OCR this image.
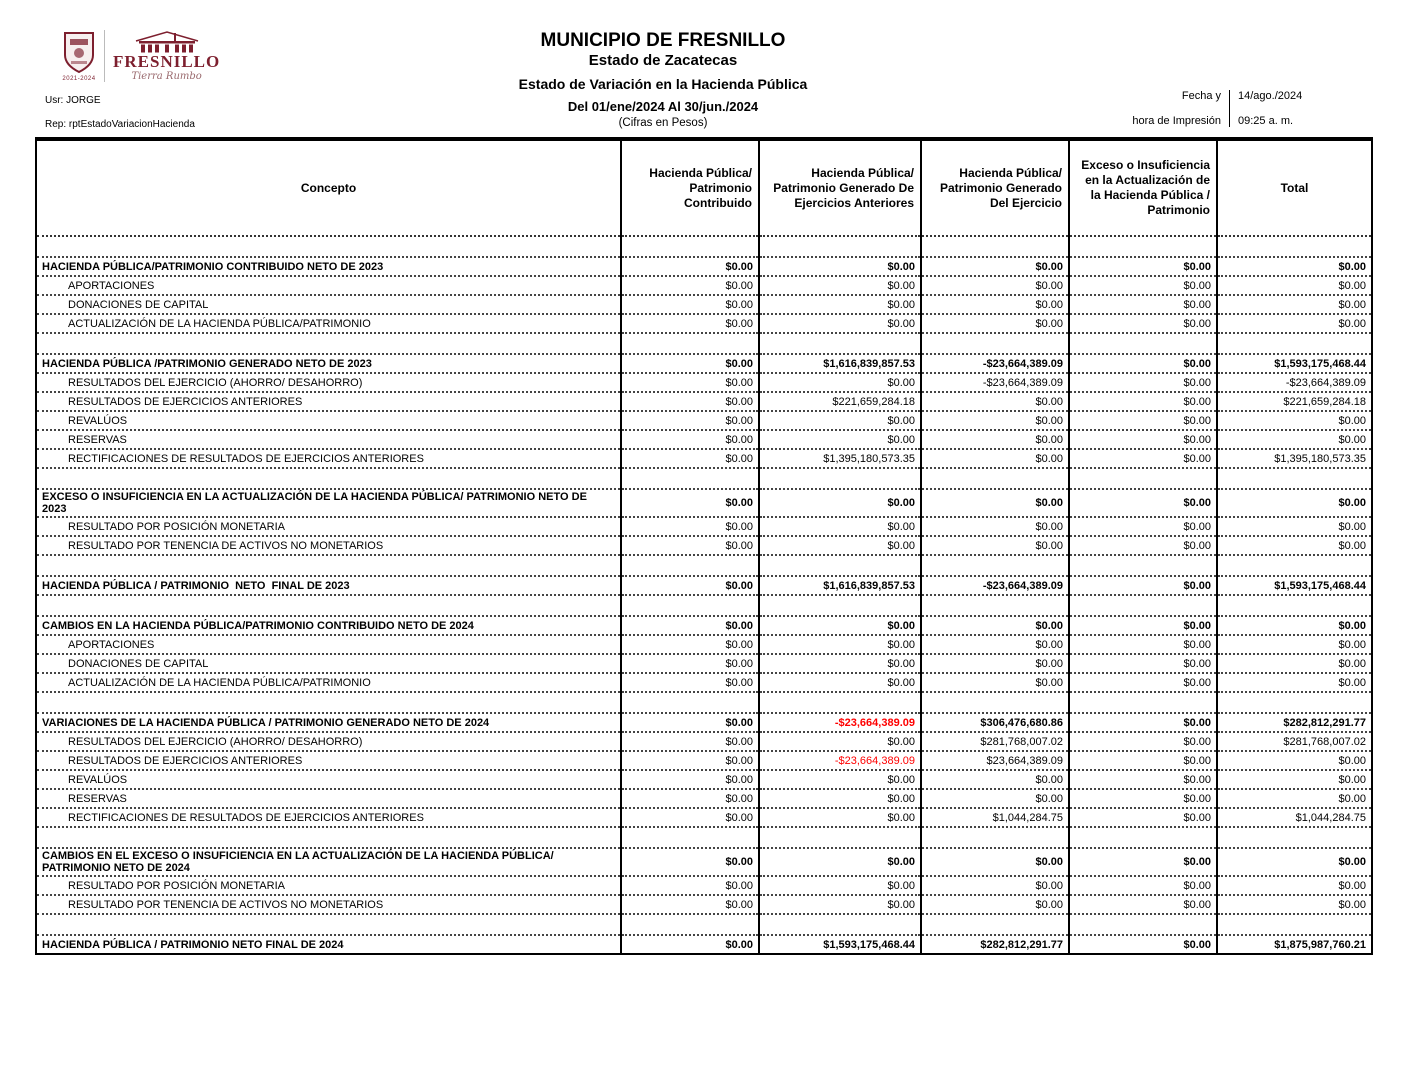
2021-2024
FRESNILLO
Tierra Rumbo
Usr: JORGE
Rep: rptEstadoVariacionHacienda
MUNICIPIO DE FRESNILLO
Estado de Zacatecas
Estado de Variación en la Hacienda Pública
Del 01/ene/2024 Al 30/jun./2024
(Cifras en Pesos)
Fecha y
hora de Impresión
14/ago./2024
09:25 a. m.
Concepto	Hacienda Pública/ Patrimonio Contribuido	Hacienda Pública/ Patrimonio Generado De Ejercicios Anteriores	Hacienda Pública/ Patrimonio Generado Del Ejercicio	Exceso o Insuficiencia en la Actualización de la Hacienda Pública / Patrimonio	Total

HACIENDA PÚBLICA/PATRIMONIO CONTRIBUIDO NETO DE 2023	$0.00	$0.00	$0.00	$0.00	$0.00

APORTACIONES	$0.00	$0.00	$0.00	$0.00	$0.00

DONACIONES DE CAPITAL	$0.00	$0.00	$0.00	$0.00	$0.00

ACTUALIZACIÓN DE LA HACIENDA PÚBLICA/PATRIMONIO	$0.00	$0.00	$0.00	$0.00	$0.00

HACIENDA PÚBLICA /PATRIMONIO GENERADO NETO DE 2023	$0.00	$1,616,839,857.53	-$23,664,389.09	$0.00	$1,593,175,468.44

RESULTADOS DEL EJERCICIO (AHORRO/ DESAHORRO)	$0.00	$0.00	-$23,664,389.09	$0.00	-$23,664,389.09

RESULTADOS DE EJERCICIOS ANTERIORES	$0.00	$221,659,284.18	$0.00	$0.00	$221,659,284.18

REVALÚOS	$0.00	$0.00	$0.00	$0.00	$0.00

RESERVAS	$0.00	$0.00	$0.00	$0.00	$0.00

RECTIFICACIONES DE RESULTADOS DE EJERCICIOS ANTERIORES	$0.00	$1,395,180,573.35	$0.00	$0.00	$1,395,180,573.35

EXCESO O INSUFICIENCIA EN LA ACTUALIZACIÓN DE LA HACIENDA PÚBLICA/ PATRIMONIO NETO DE 2023	$0.00	$0.00	$0.00	$0.00	$0.00

RESULTADO POR POSICIÓN MONETARIA	$0.00	$0.00	$0.00	$0.00	$0.00

RESULTADO POR TENENCIA DE ACTIVOS NO MONETARIOS	$0.00	$0.00	$0.00	$0.00	$0.00

HACIENDA PÚBLICA / PATRIMONIO  NETO  FINAL DE 2023	$0.00	$1,616,839,857.53	-$23,664,389.09	$0.00	$1,593,175,468.44

CAMBIOS EN LA HACIENDA PÚBLICA/PATRIMONIO CONTRIBUIDO NETO DE 2024	$0.00	$0.00	$0.00	$0.00	$0.00

APORTACIONES	$0.00	$0.00	$0.00	$0.00	$0.00

DONACIONES DE CAPITAL	$0.00	$0.00	$0.00	$0.00	$0.00

ACTUALIZACIÓN DE LA HACIENDA PÚBLICA/PATRIMONIO	$0.00	$0.00	$0.00	$0.00	$0.00

VARIACIONES DE LA HACIENDA PÚBLICA / PATRIMONIO GENERADO NETO DE 2024	$0.00	-$23,664,389.09	$306,476,680.86	$0.00	$282,812,291.77

RESULTADOS DEL EJERCICIO (AHORRO/ DESAHORRO)	$0.00	$0.00	$281,768,007.02	$0.00	$281,768,007.02

RESULTADOS DE EJERCICIOS ANTERIORES	$0.00	-$23,664,389.09	$23,664,389.09	$0.00	$0.00

REVALÚOS	$0.00	$0.00	$0.00	$0.00	$0.00

RESERVAS	$0.00	$0.00	$0.00	$0.00	$0.00

RECTIFICACIONES DE RESULTADOS DE EJERCICIOS ANTERIORES	$0.00	$0.00	$1,044,284.75	$0.00	$1,044,284.75

CAMBIOS EN EL EXCESO O INSUFICIENCIA EN LA ACTUALIZACIÓN DE LA HACIENDA PÚBLICA/ PATRIMONIO NETO DE 2024	$0.00	$0.00	$0.00	$0.00	$0.00

RESULTADO POR POSICIÓN MONETARIA	$0.00	$0.00	$0.00	$0.00	$0.00

RESULTADO POR TENENCIA DE ACTIVOS NO MONETARIOS	$0.00	$0.00	$0.00	$0.00	$0.00

HACIENDA PÚBLICA / PATRIMONIO NETO FINAL DE 2024	$0.00	$1,593,175,468.44	$282,812,291.77	$0.00	$1,875,987,760.21
